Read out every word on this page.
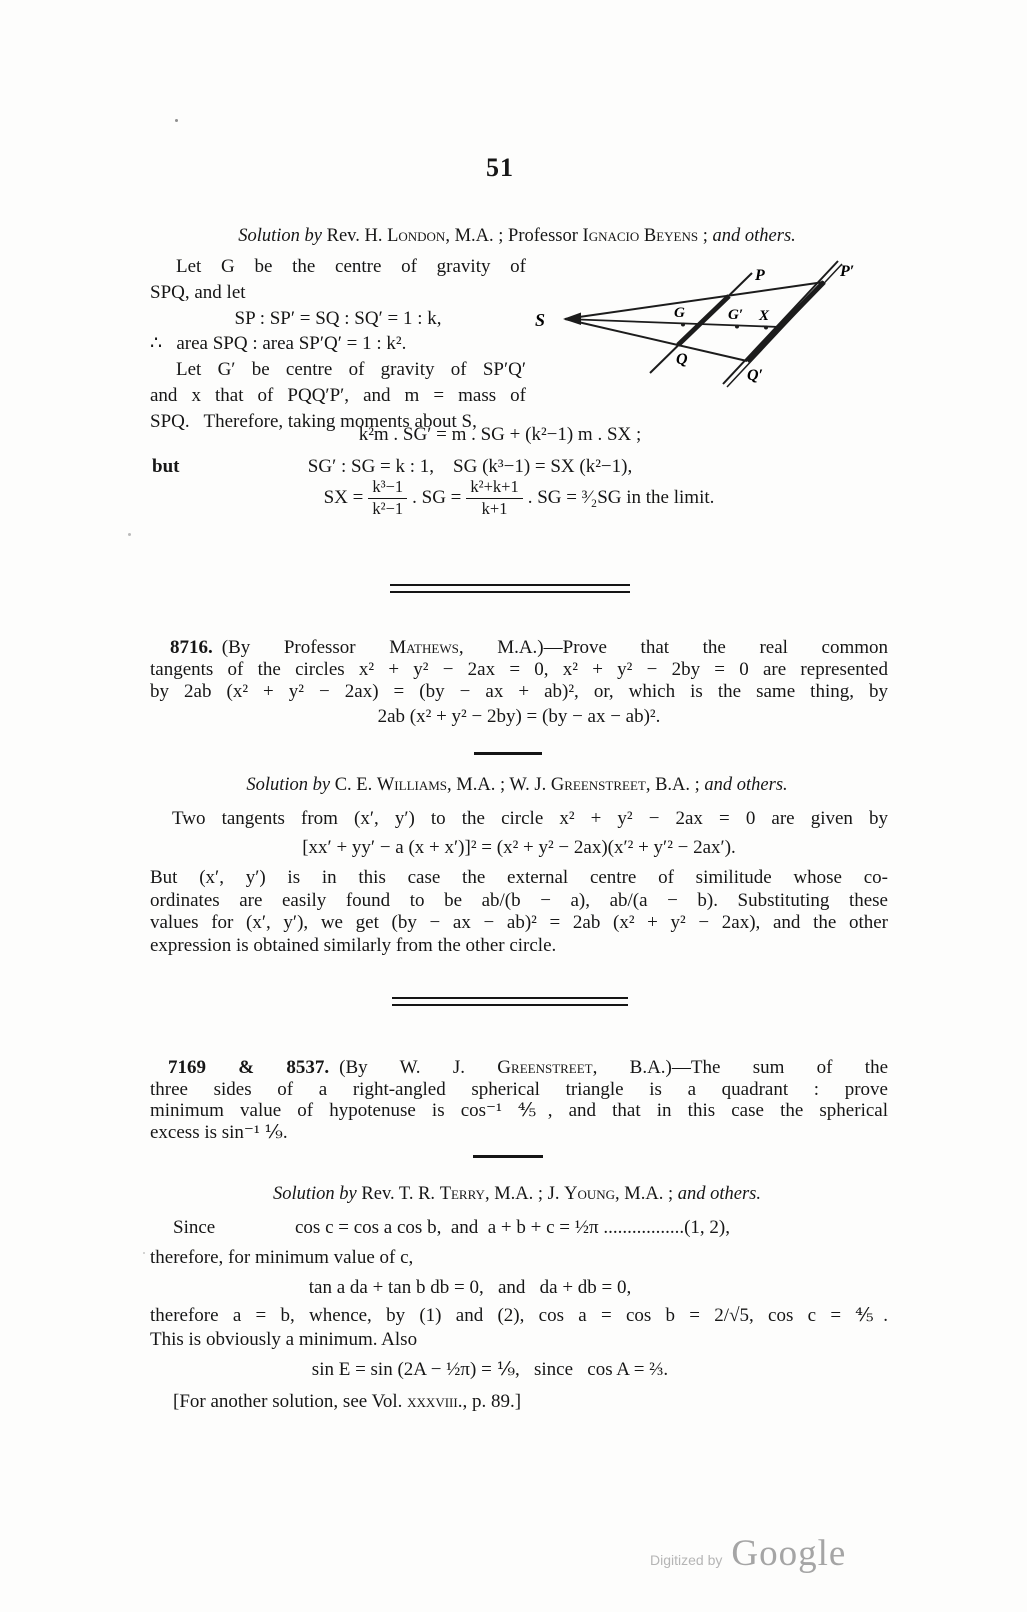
51
Solution by Rev. H. London, M.A. ; Professor Ignacio Beyens ; and others.
Let G be the centre of gravity of
SPQ, and let
SP : SP′ = SQ : SQ′ = 1 : k,
∴   area SPQ : area SP′Q′ = 1 : k².
Let G′ be centre of gravity of SP′Q′
and x that of PQQ′P′, and m = mass of
SPQ.   Therefore, taking moments about S,
S
P	P′
G	G′ X
Q
Q′
k²m . SG′ = m . SG + (k²−1) m . SX ;
but	SG′ : SG = k : 1,    SG (k³−1) = SX (k²−1),
SX = $\frac{\text{k³−1}}{\text{k²−1}}$ . SG = $\frac{\text{k²+k+1}}{k+1}$ . SG = ³⁄₂SG in the limit.
8716. (By Professor Mathews, M.A.)—Prove that the real common
tangents of the circles x² + y² − 2ax = 0, x² + y² − 2by = 0 are represented
by 2ab (x² + y² − 2ax) = (by − ax + ab)², or, which is the same thing, by
2ab (x² + y² − 2by) = (by − ax − ab)².
Solution by C. E. Williams, M.A. ; W. J. Greenstreet, B.A. ; and others.
Two tangents from (x′, y′) to the circle x² + y² − 2ax = 0 are given by
[xx′ + yy′ − a (x + x′)]² = (x² + y² − 2ax)(x′² + y′² − 2ax′).
But (x′, y′) is in this case the external centre of similitude whose co-
ordinates are easily found to be ab/(b − a), ab/(a − b). Substituting these
values for (x′, y′), we get (by − ax − ab)² = 2ab (x² + y² − 2ax), and the other
expression is obtained similarly from the other circle.
7169 & 8537. (By W. J. Greenstreet, B.A.)—The sum of the
three sides of a right-angled spherical triangle is a quadrant : prove
minimum value of hypotenuse is cos⁻¹ ⅘, and that in this case the spherical
excess is sin⁻¹ ⅑.
Solution by Rev. T. R. Terry, M.A. ; J. Young, M.A. ; and others.
Since	cos c = cos a cos b,  and  a + b + c = ½π .................(1, 2),
therefore, for minimum value of c,
tan a da + tan b db = 0,   and   da + db = 0,
therefore a = b, whence, by (1) and (2), cos a = cos b = 2/√5, cos c = ⅘.
This is obviously a minimum. Also
sin E = sin (2A − ½π) = ⅑,   since   cos A = ⅔.
[For another solution, see Vol. xxxviii., p. 89.]
Digitized by Google
